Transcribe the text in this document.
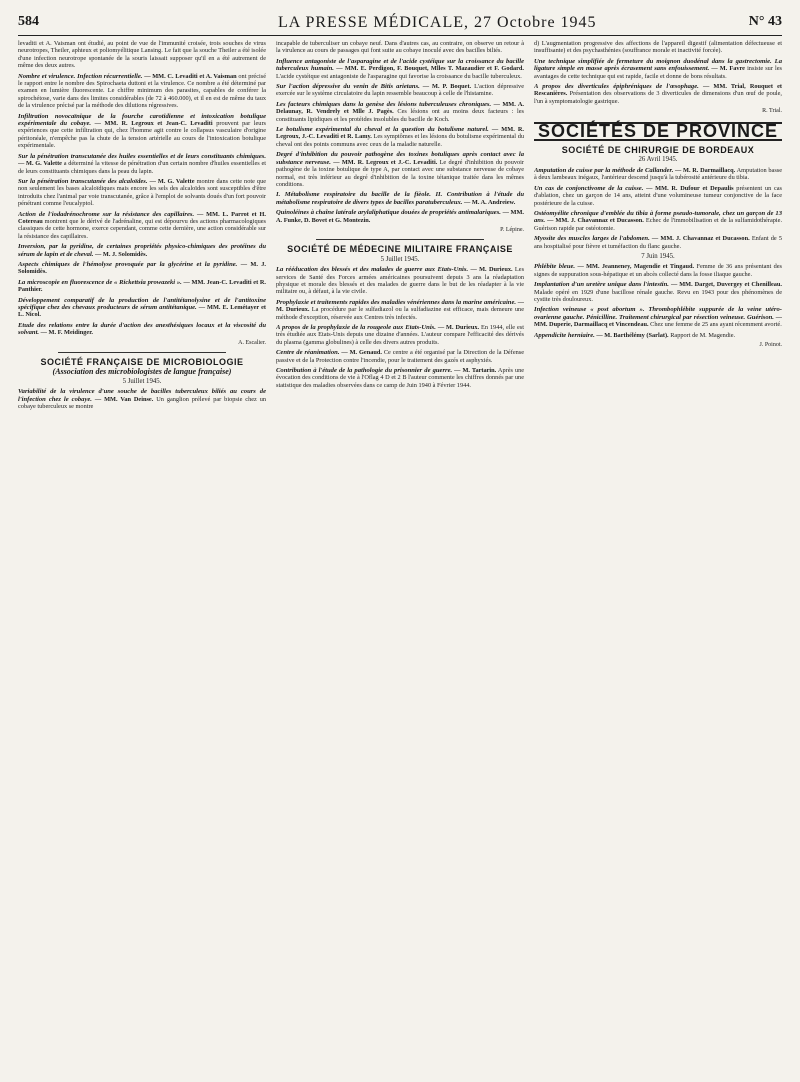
584	LA PRESSE MÉDICALE, 27 Octobre 1945	N° 43

levaditi et A. Vaisman ont étudié, au point de vue de l'immunité croisée, trois souches de virus neurotropes, Theiler, aphteux et poliomyélitique Lansing. Le fait que la souche Theiler a été isolée d'une infection neurotrope spontanée de la souris laissait supposer qu'il en a été autrement de même des deux autres.

Nombre et virulence. Infection récurrentielle. — MM. C. Levaditi et A. Vaisman ont précisé le rapport entre le nombre des Spirochaeta duttoni et la virulence. Ce nombre a été déterminé par examen en lumière fluorescente. Le chiffre minimum des parasites, capables de conférer la spirochétose, varie dans des limites considérables (de 72 à 460.000), et il en est de même du taux de la virulence précisé par la méthode des dilutions régressives.

Infiltration novocaïnique de la fourche carotidienne et intoxication botulique expérimentale du cobaye. — MM. R. Legroux et Jean-C. Levaditi prouvent par leurs expériences que cette infiltration qui, chez l'homme agit contre le collapsus vasculaire d'origine péritonéale, n'empêche pas la chute de la tension artérielle au cours de l'intoxication botulique expérimentale.

Sur la pénétration transcutanée des huiles essentielles et de leurs constituants chimiques. — M. G. Valette a déterminé la vitesse de pénétration d'un certain nombre d'huiles essentielles et de leurs constituants chimiques dans la peau du lapin.

Sur la pénétration transcutanée des alcaloïdes. — M. G. Valette montre dans cette note que non seulement les bases alcaloïdiques mais encore les sels des alcaloïdes sont susceptibles d'être introduits chez l'animal par voie transcutanée, grâce à l'emploi de solvants doués d'un fort pouvoir pénétrant comme l'eucalyptol.

Action de l'iodadrénochrome sur la résistance des capillaires. — MM. L. Parrot et H. Cotereau montrent que le dérivé de l'adrénaline, qui est dépourvu des actions pharmacologiques classiques de cette hormone, exerce cependant, comme cette dernière, une action considérable sur la résistance des capillaires.

Inversion, par la pyridine, de certaines propriétés physico-chimiques des protéines du sérum de lapin et de cheval. — M. J. Solomidès.

Aspects chimiques de l'hémolyse provoquée par la glycérine et la pyridine. — M. J. Solomidès.

La microscopie en fluorescence de « Rickettsia prowazeki ». — MM. Jean-C. Levaditi et R. Panthier.

Développement comparatif de la production de l'antitétanolysine et de l'antitoxine spécifique chez des chevaux producteurs de sérum antitétanique. — MM. E. Lemétayer et L. Nicol.

Etude des relations entre la durée d'action des anesthésiques locaux et la viscosité du solvant. — M. F. Meidinger.

A. Escalier.
SOCIÉTÉ FRANÇAISE DE MICROBIOLOGIE
(Association des microbiologistes de langue française)
5 Juillet 1945.

Variabilité de la virulence d'une souche de bacilles tuberculeux biliés au cours de l'infection chez le cobaye. — MM. Van Deinse. Un ganglion prélevé par biopsie chez un cobaye tuberculeux se montre

incapable de tuberculiser un cobaye neuf. Dans d'autres cas, au contraire, on observe un retour à la virulence au cours de passages qui font suite au cobaye inoculé avec des bacilles biliés.

Influence antagoniste de l'asparagine et de l'acide cystéique sur la croissance du bacille tuberculeux humain. — MM. E. Perdigon, F. Bouquet, Mlles T. Mazaudier et F. Godard. L'acide cystéique est antagoniste de l'asparagine qui favorise la croissance du bacille tuberculeux.

Sur l'action dépressive du venin de Bitis arietans. — M. P. Boquet. L'action dépressive exercée sur le système circulatoire du lapin ressemble beaucoup à celle de l'histamine.

Les facteurs chimiques dans la genèse des lésions tuberculeuses chroniques. — MM. A. Delaunay, R. Vendrely et Mlle J. Pagès. Ces lésions ont au moins deux facteurs : les constituants lipidiques et les protéides insolubles du bacille de Koch.

Le botulisme expérimental du cheval et la question du botulisme naturel. — MM. R. Legroux, J.-C. Levaditi et R. Lamy. Les symptômes et les lésions du botulisme expérimental du cheval ont des points communs avec ceux de la maladie naturelle.

Degré d'inhibition du pouvoir pathogène des toxines botuliques après contact avec la substance nerveuse. — MM. R. Legroux et J.-C. Levaditi. Le degré d'inhibition du pouvoir pathogène de la toxine botulique de type A, par contact avec une substance nerveuse de cobaye normal, est très inférieur au degré d'inhibition de la toxine tétanique traitée dans les mêmes conditions.

I. Métabolisme respiratoire du bacille de la fièole. II. Contribution à l'étude du métabolisme respiratoire de divers types de bacilles paratuberculeux. — M. A. Andreiew.

Quinoléines à chaîne latérale arylaliphatique douées de propriétés antimalariques. — MM. A. Funke, D. Bovet et G. Montezin.

P. Lépine.
SOCIÉTÉ DE MÉDECINE MILITAIRE FRANÇAISE
5 Juillet 1945.

La rééducation des blessés et des malades de guerre aux Etats-Unis. — M. Durieux. Les services de Santé des Forces armées américaines poursuivent depuis 3 ans la réadaptation physique et morale des blessés et des malades de guerre dans le but de les réadapter à la vie militaire ou, à défaut, à la vie civile.

Prophylaxie et traitements rapides des maladies vénériennes dans la marine américaine. — M. Durieux. La procédure par le sulfadiazol ou la sulfadiazine est efficace, mais demeure une méthode d'exception, réservée aux Centres très infectés.

A propos de la prophylaxie de la rougeole aux Etats-Unis. — M. Durieux. En 1944, elle est très étudiée aux Etats-Unis depuis une dizaine d'années. L'auteur compare l'efficacité des dérivés du plasma (gamma globulines) à celle des divers autres produits.

Centre de réanimation. — M. Genaud. Ce centre a été organisé par la Direction de la Défense passive et de la Protection contre l'incendie, pour le traitement des gazés et asphyxiés.

Contribution à l'étude de la pathologie du prisonnier de guerre. — M. Tartarin. Après une évocation des conditions de vie à l'Oflag 4 D et 2 B l'auteur commente les chiffres donnés par une statistique des maladies observées dans ce camp de Juin 1940 à Février 1944.

d) L'augmentation progressive des affections de l'appareil digestif (alimentation défectueuse et insuffisante) et des psychasthénies (souffrance morale et inactivité forcée).

Une technique simplifiée de fermeture du moignon duodénal dans la gastrectomie. La ligature simple en masse après écrasement sans enfouissement. — M. Favre insiste sur les avantages de cette technique qui est rapide, facile et donne de bons résultats.

A propos des diverticules épiphréniques de l'œsophage. — MM. Trial, Rouquet et Rescanières. Présentation des observations de 3 diverticules de dimensions d'un œuf de poule, l'un à symptomatologie gastrique.

R. Trial.
SOCIÉTÉS DE PROVINCE
SOCIÉTÉ DE CHIRURGIE DE BORDEAUX
26 Avril 1945.

Amputation de cuisse par la méthode de Callander. — M. R. Darmaillacq. Amputation basse à deux lambeaux inégaux, l'antérieur descend jusqu'à la tubérosité antérieure du tibia.

Un cas de conjonctivome de la cuisse. — MM. R. Dufour et Depaulis présentent un cas d'ablation, chez un garçon de 14 ans, atteint d'une volumineuse tumeur conjonctive de la face postérieure de la cuisse.

Ostéomyélite chronique d'emblée du tibia à forme pseudo-tumorale, chez un garçon de 13 ans. — MM. J. Chavannaz et Ducasson. Echec de l'immobilisation et de la sulfamidothérapie. Guérison rapide par ostéotomie.

Myosite des muscles larges de l'abdomen. — MM. J. Chavannaz et Ducasson. Enfant de 5 ans hospitalisé pour fièvre et tuméfaction du flanc gauche.

7 Juin 1945.

Phlébite bleue. — MM. Jeanneney, Magendie et Tingaud. Femme de 36 ans présentant des signes de suppuration sous-hépatique et un abcès collecté dans la fosse iliaque gauche.

Implantation d'un uretère unique dans l'intestin. — MM. Darget, Duvergey et Chenilleau. Malade opéré en 1929 d'une bacillose rénale gauche. Revu en 1943 pour des phénomènes de cystite très douloureux.

Infection veineuse « post abortum ». Thrombophlébite suppurée de la veine utéro-ovarienne gauche. Pénicilline. Traitement chirurgical par résection veineuse. Guérison. — MM. Duperie, Darmaillacq et Vincendeau. Chez une femme de 25 ans ayant récemment avorté.

Appendicite herniaire. — M. Barthélémy (Sarlat). Rapport de M. Magendie.

J. Poinot.
